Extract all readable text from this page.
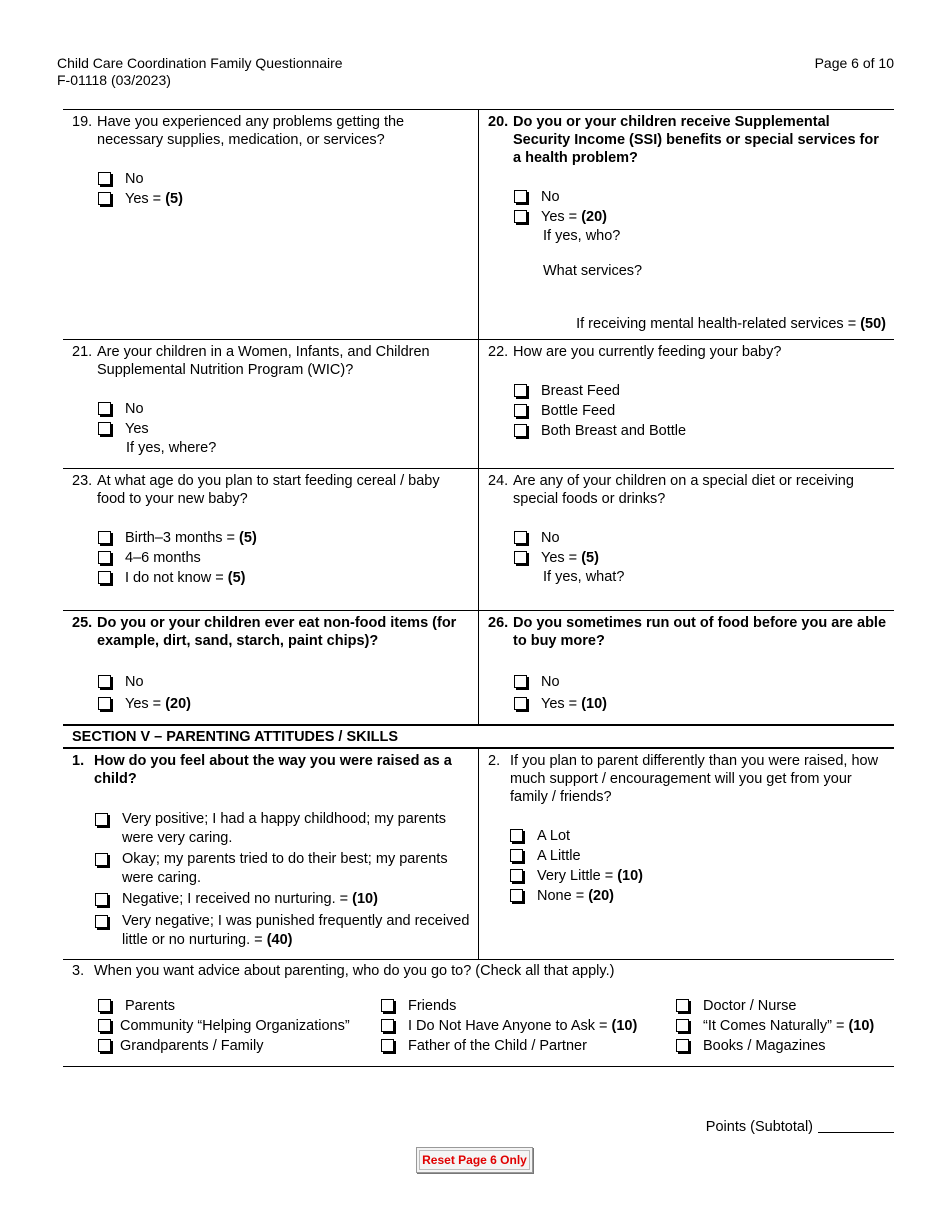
Child Care Coordination Family Questionnaire
F-01118 (03/2023)
Page 6 of 10
19. Have you experienced any problems getting the necessary supplies, medication, or services?
No
Yes = (5)
20. Do you or your children receive Supplemental Security Income (SSI) benefits or special services for a health problem?
No
Yes = (20)
If yes, who?
What services?
If receiving mental health-related services = (50)
21. Are your children in a Women, Infants, and Children Supplemental Nutrition Program (WIC)?
No
Yes
If yes, where?
22. How are you currently feeding your baby?
Breast Feed
Bottle Feed
Both Breast and Bottle
23. At what age do you plan to start feeding cereal / baby food to your new baby?
Birth–3 months = (5)
4–6 months
I do not know = (5)
24. Are any of your children on a special diet or receiving special foods or drinks?
No
Yes = (5)
If yes, what?
25. Do you or your children ever eat non-food items (for example, dirt, sand, starch, paint chips)?
No
Yes = (20)
26. Do you sometimes run out of food before you are able to buy more?
No
Yes = (10)
SECTION V – PARENTING ATTITUDES / SKILLS
1. How do you feel about the way you were raised as a child?
Very positive; I had a happy childhood; my parents were very caring.
Okay; my parents tried to do their best; my parents were caring.
Negative; I received no nurturing. = (10)
Very negative; I was punished frequently and received little or no nurturing. = (40)
2. If you plan to parent differently than you were raised, how much support / encouragement will you get from your family / friends?
A Lot
A Little
Very Little = (10)
None = (20)
3. When you want advice about parenting, who do you go to? (Check all that apply.)
Parents	Friends	Doctor / Nurse
Community “Helping Organizations”	I Do Not Have Anyone to Ask = (10)	“It Comes Naturally” = (10)
Grandparents / Family	Father of the Child / Partner	Books / Magazines
Points (Subtotal)
Reset Page 6 Only
